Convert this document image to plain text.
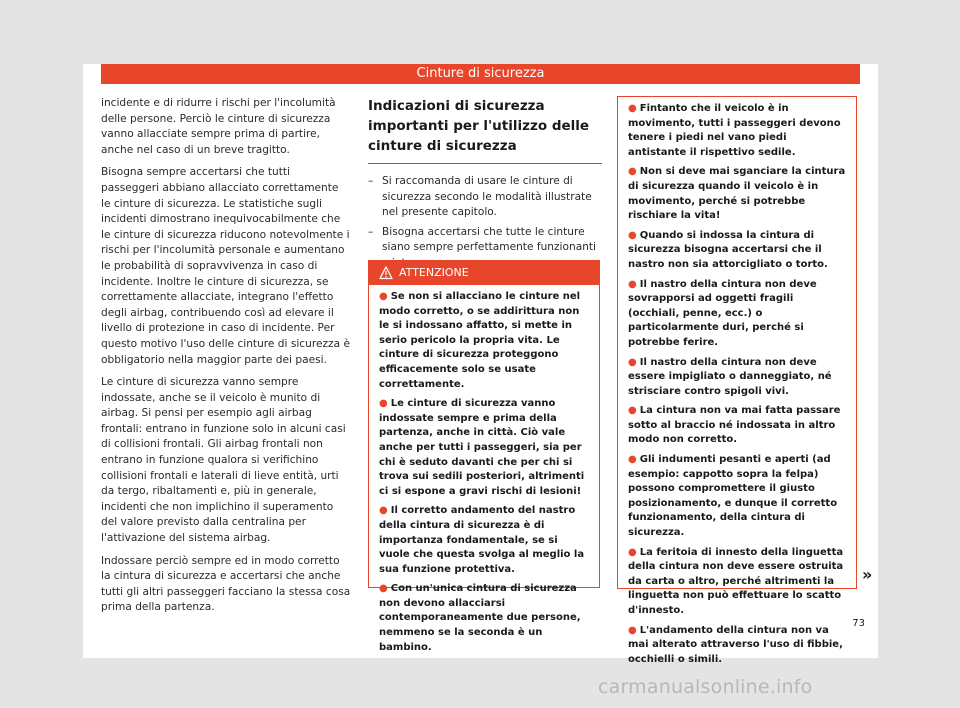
Cinture di sicurezza

incidente e di ridurre i rischi per l'incolumità delle persone. Perciò le cinture di sicurezza vanno allacciate sempre prima di partire, anche nel caso di un breve tragitto.

Bisogna sempre accertarsi che tutti passeggeri abbiano allacciato correttamente le cinture di sicurezza. Le statistiche sugli incidenti dimostrano inequivocabilmente che le cinture di sicurezza riducono notevolmente i rischi per l'incolumità personale e aumentano le probabilità di sopravvivenza in caso di incidente. Inoltre le cinture di sicurezza, se correttamente allacciate, integrano l'effetto degli airbag, contribuendo così ad elevare il livello di protezione in caso di incidente. Per questo motivo l'uso delle cinture di sicurezza è obbligatorio nella maggior parte dei paesi.

Le cinture di sicurezza vanno sempre indossate, anche se il veicolo è munito di airbag. Si pensi per esempio agli airbag frontali: entrano in funzione solo in alcuni casi di collisioni frontali. Gli airbag frontali non entrano in funzione qualora si verifichino collisioni frontali e laterali di lieve entità, urti da tergo, ribaltamenti e, più in generale, incidenti che non implichino il superamento del valore previsto dalla centralina per l'attivazione del sistema airbag.

Indossare perciò sempre ed in modo corretto la cintura di sicurezza e accertarsi che anche tutti gli altri passeggeri facciano la stessa cosa prima della partenza.

Indicazioni di sicurezza importanti per l'utilizzo delle cinture di sicurezza
– Si raccomanda di usare le cinture di sicurezza secondo le modalità illustrate nel presente capitolo.
– Bisogna accertarsi che tutte le cinture siano sempre perfettamente funzionanti
ATTENZIONE

● Se non si allacciano le cinture nel modo corretto, o se addirittura non le si indossano affatto, si mette in serio pericolo la propria vita. Le cinture di sicurezza proteggono efficacemente solo se usate correttamente.

● Le cinture di sicurezza vanno indossate sempre e prima della partenza, anche in città. Ciò vale anche per tutti i passeggeri, sia per chi è seduto davanti che per chi si trova sui sedili posteriori, altrimenti ci si espone a gravi rischi di lesioni!

● Il corretto andamento del nastro della cintura di sicurezza è di importanza fondamentale, se si vuole che questa svolga al meglio la sua funzione protettiva.

● Con un'unica cintura di sicurezza non devono allacciarsi contemporaneamente due persone, nemmeno se la seconda è un bambino.

● Fintanto che il veicolo è in movimento, tutti i passeggeri devono tenere i piedi nel vano piedi antistante il rispettivo sedile.

● Non si deve mai sganciare la cintura di sicurezza quando il veicolo è in movimento, perché si potrebbe rischiare la vita!

● Quando si indossa la cintura di sicurezza bisogna accertarsi che il nastro non sia attorcigliato o torto.

● Il nastro della cintura non deve sovrapporsi ad oggetti fragili (occhiali, penne, ecc.) o particolarmente duri, perché si potrebbe ferire.

● Il nastro della cintura non deve essere impigliato o danneggiato, né strisciare contro spigoli vivi.

● La cintura non va mai fatta passare sotto al braccio né indossata in altro modo non corretto.

● Gli indumenti pesanti e aperti (ad esempio: cappotto sopra la felpa) possono compromettere il giusto posizionamento, e dunque il corretto funzionamento, della cintura di sicurezza.

● La feritoia di innesto della linguetta della cintura non deve essere ostruita da carta o altro, perché altrimenti la linguetta non può effettuare lo scatto d'innesto.

● L'andamento della cintura non va mai alterato attraverso l'uso di fibbie, occhielli o simili.

»
73
carmanualsonline.info
